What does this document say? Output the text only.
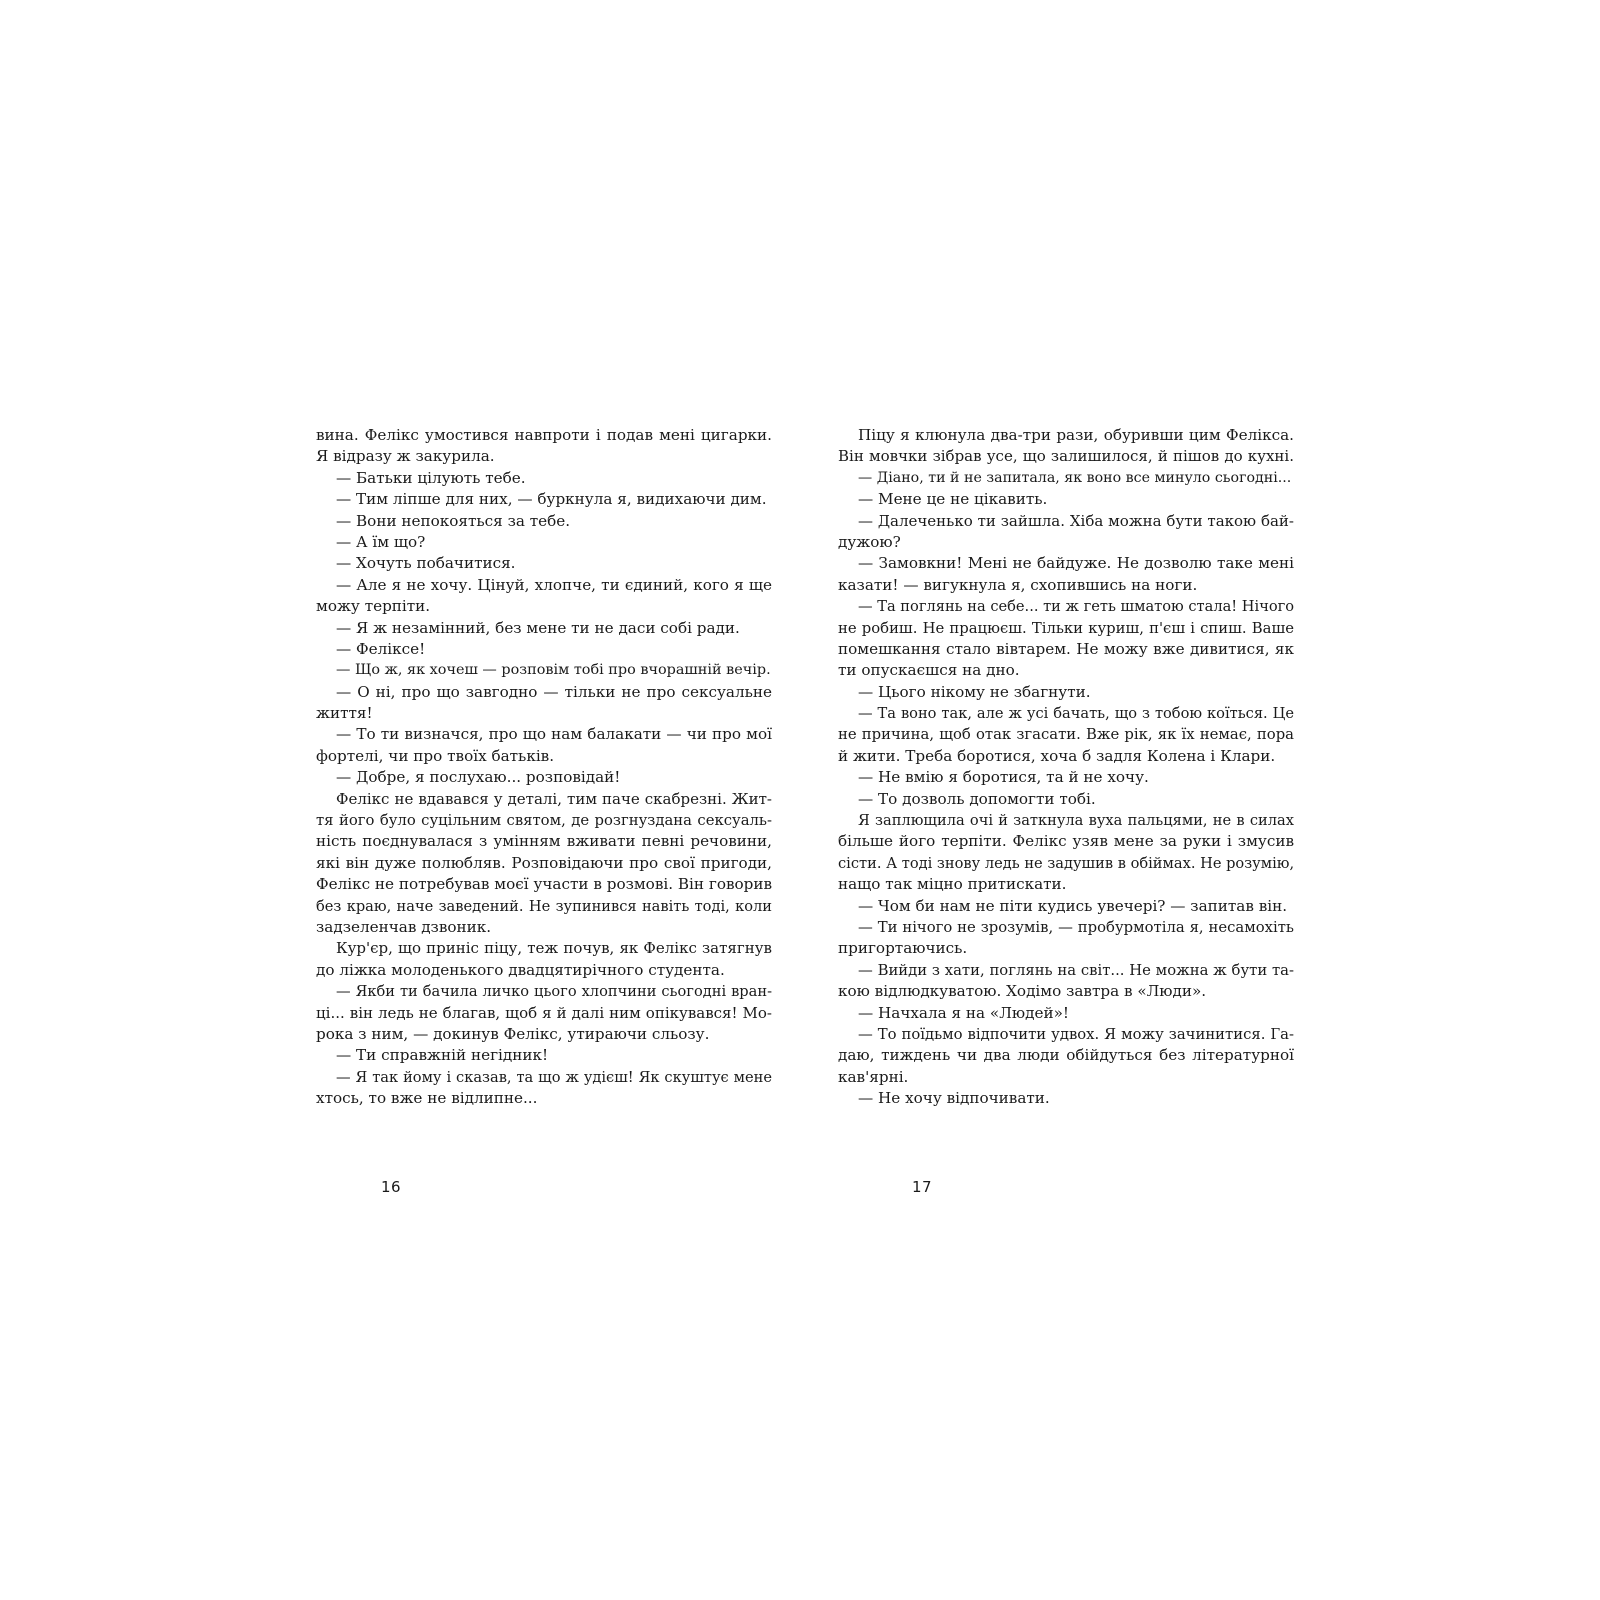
вина. Фелікс умостився навпроти і подав мені цигарки.
Я відразу ж закурила.
— Батьки цілують тебе.
— Тим ліпше для них, — буркнула я, видихаючи дим.
— Вони непокояться за тебе.
— А їм що?
— Хочуть побачитися.
— Але я не хочу. Цінуй, хлопче, ти єдиний, кого я ще
можу терпіти.
— Я ж незамінний, без мене ти не даси собі ради.
— Феліксе!
— Що ж, як хочеш — розповім тобі про вчорашній вечір.
— О ні, про що завгодно — тільки не про сексуальне
життя!
— То ти визначся, про що нам балакати — чи про мої
фортелі, чи про твоїх батьків.
— Добре, я послухаю... розповідай!
Фелікс не вдавався у деталі, тим паче скабрезні. Жит-
тя його було суцільним святом, де розгнуздана сексуаль-
ність поєднувалася з умінням вживати певні речовини,
які він дуже полюбляв. Розповідаючи про свої пригоди,
Фелікс не потребував моєї участи в розмові. Він говорив
без краю, наче заведений. Не зупинився навіть тоді, коли
задзеленчав дзвоник.
Кур'єр, що приніс піцу, теж почув, як Фелікс затягнув
до ліжка молоденького двадцятирічного студента.
— Якби ти бачила личко цього хлопчини сьогодні вран-
ці... він ледь не благав, щоб я й далі ним опікувався! Мо-
рока з ним, — докинув Фелікс, утираючи сльозу.
— Ти справжній негідник!
— Я так йому і сказав, та що ж удієш! Як скуштує мене
хтось, то вже не відлипне...
16
Піцу я клюнула два-три рази, обуривши цим Фелікса.
Він мовчки зібрав усе, що залишилося, й пішов до кухні.
— Діано, ти й не запитала, як воно все минуло сьогодні...
— Мене це не цікавить.
— Далеченько ти зайшла. Хіба можна бути такою бай-
дужою?
— Замовкни! Мені не байдуже. Не дозволю таке мені
казати! — вигукнула я, схопившись на ноги.
— Та поглянь на себе... ти ж геть шматою стала! Нічого
не робиш. Не працюєш. Тільки куриш, п'єш і спиш. Ваше
помешкання стало вівтарем. Не можу вже дивитися, як
ти опускаєшся на дно.
— Цього нікому не збагнути.
— Та воно так, але ж усі бачать, що з тобою коїться. Це
не причина, щоб отак згасати. Вже рік, як їх немає, пора
й жити. Треба боротися, хоча б задля Колена і Клари.
— Не вмію я боротися, та й не хочу.
— То дозволь допомогти тобі.
Я заплющила очі й заткнула вуха пальцями, не в силах
більше його терпіти. Фелікс узяв мене за руки і змусив
сісти. А тоді знову ледь не задушив в обіймах. Не розумію,
нащо так міцно притискати.
— Чом би нам не піти кудись увечері? — запитав він.
— Ти нічого не зрозумів, — пробурмотіла я, несамохіть
пригортаючись.
— Вийди з хати, поглянь на світ... Не можна ж бути та-
кою відлюдкуватою. Ходімо завтра в «Люди».
— Начхала я на «Людей»!
— То поїдьмо відпочити удвох. Я можу зачинитися. Га-
даю, тиждень чи два люди обійдуться без літературної
кав'ярні.
— Не хочу відпочивати.
17
